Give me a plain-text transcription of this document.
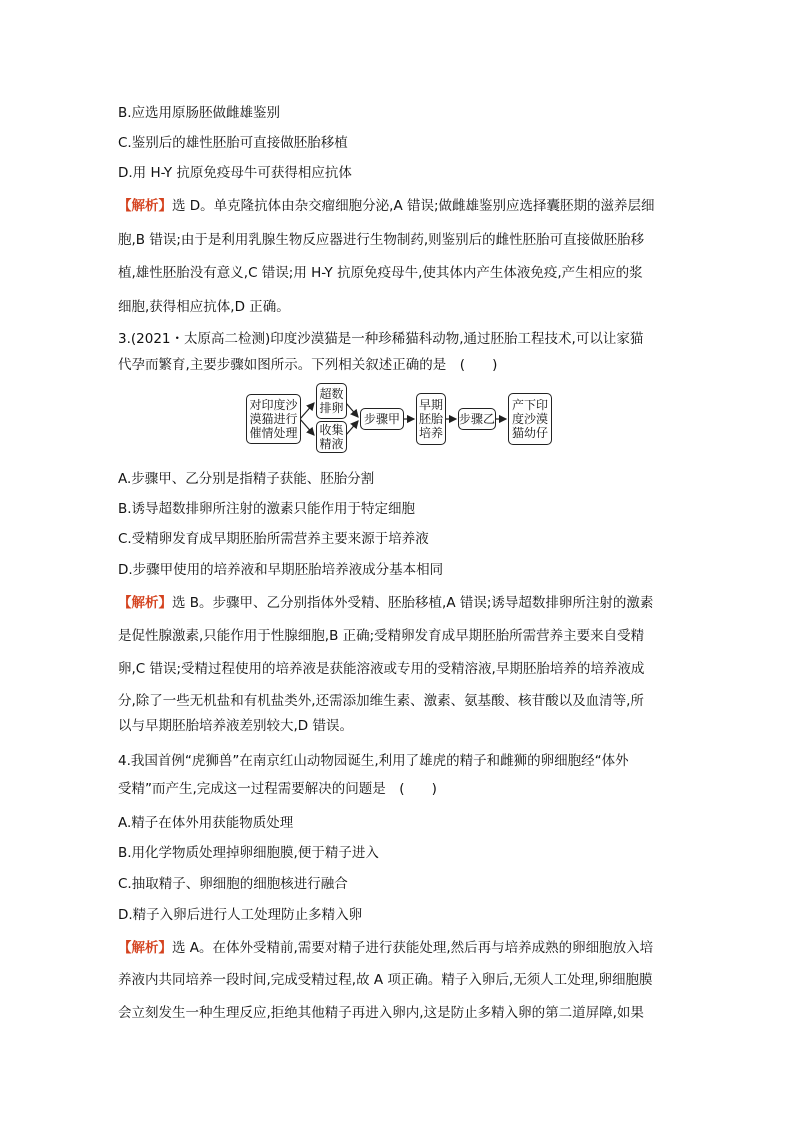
B.应选用原肠胚做雌雄鉴别
C.鉴别后的雄性胚胎可直接做胚胎移植
D.用 H-Y 抗原免疫母牛可获得相应抗体
【解析】选 D。单克隆抗体由杂交瘤细胞分泌,A 错误;做雌雄鉴别应选择囊胚期的滋养层细
胞,B 错误;由于是利用乳腺生物反应器进行生物制药,则鉴别后的雌性胚胎可直接做胚胎移
植,雄性胚胎没有意义,C 错误;用 H-Y 抗原免疫母牛,使其体内产生体液免疫,产生相应的浆
细胞,获得相应抗体,D 正确。
3.(2021・太原高二检测)印度沙漠猫是一种珍稀猫科动物,通过胚胎工程技术,可以让家猫
代孕而繁育,主要步骤如图所示。下列相关叙述正确的是　 (　　)
对印度沙
漠猫进行
催情处理
超数
排卵
收集
精液
步骤甲
早期
胚胎
培养
步骤乙
产下印
度沙漠
猫幼仔
A.步骤甲、乙分别是指精子获能、胚胎分割
B.诱导超数排卵所注射的激素只能作用于特定细胞
C.受精卵发育成早期胚胎所需营养主要来源于培养液
D.步骤甲使用的培养液和早期胚胎培养液成分基本相同
【解析】选 B。步骤甲、乙分别指体外受精、胚胎移植,A 错误;诱导超数排卵所注射的激素
是促性腺激素,只能作用于性腺细胞,B 正确;受精卵发育成早期胚胎所需营养主要来自受精
卵,C 错误;受精过程使用的培养液是获能溶液或专用的受精溶液,早期胚胎培养的培养液成
分,除了一些无机盐和有机盐类外,还需添加维生素、激素、氨基酸、核苷酸以及血清等,所
以与早期胚胎培养液差别较大,D 错误。
4.我国首例“虎狮兽”在南京红山动物园诞生,利用了雄虎的精子和雌狮的卵细胞经“体外
受精”而产生,完成这一过程需要解决的问题是　 (　　)
A.精子在体外用获能物质处理
B.用化学物质处理掉卵细胞膜,便于精子进入
C.抽取精子、卵细胞的细胞核进行融合
D.精子入卵后进行人工处理防止多精入卵
【解析】选 A。在体外受精前,需要对精子进行获能处理,然后再与培养成熟的卵细胞放入培
养液内共同培养一段时间,完成受精过程,故 A 项正确。精子入卵后,无须人工处理,卵细胞膜
会立刻发生一种生理反应,拒绝其他精子再进入卵内,这是防止多精入卵的第二道屏障,如果
